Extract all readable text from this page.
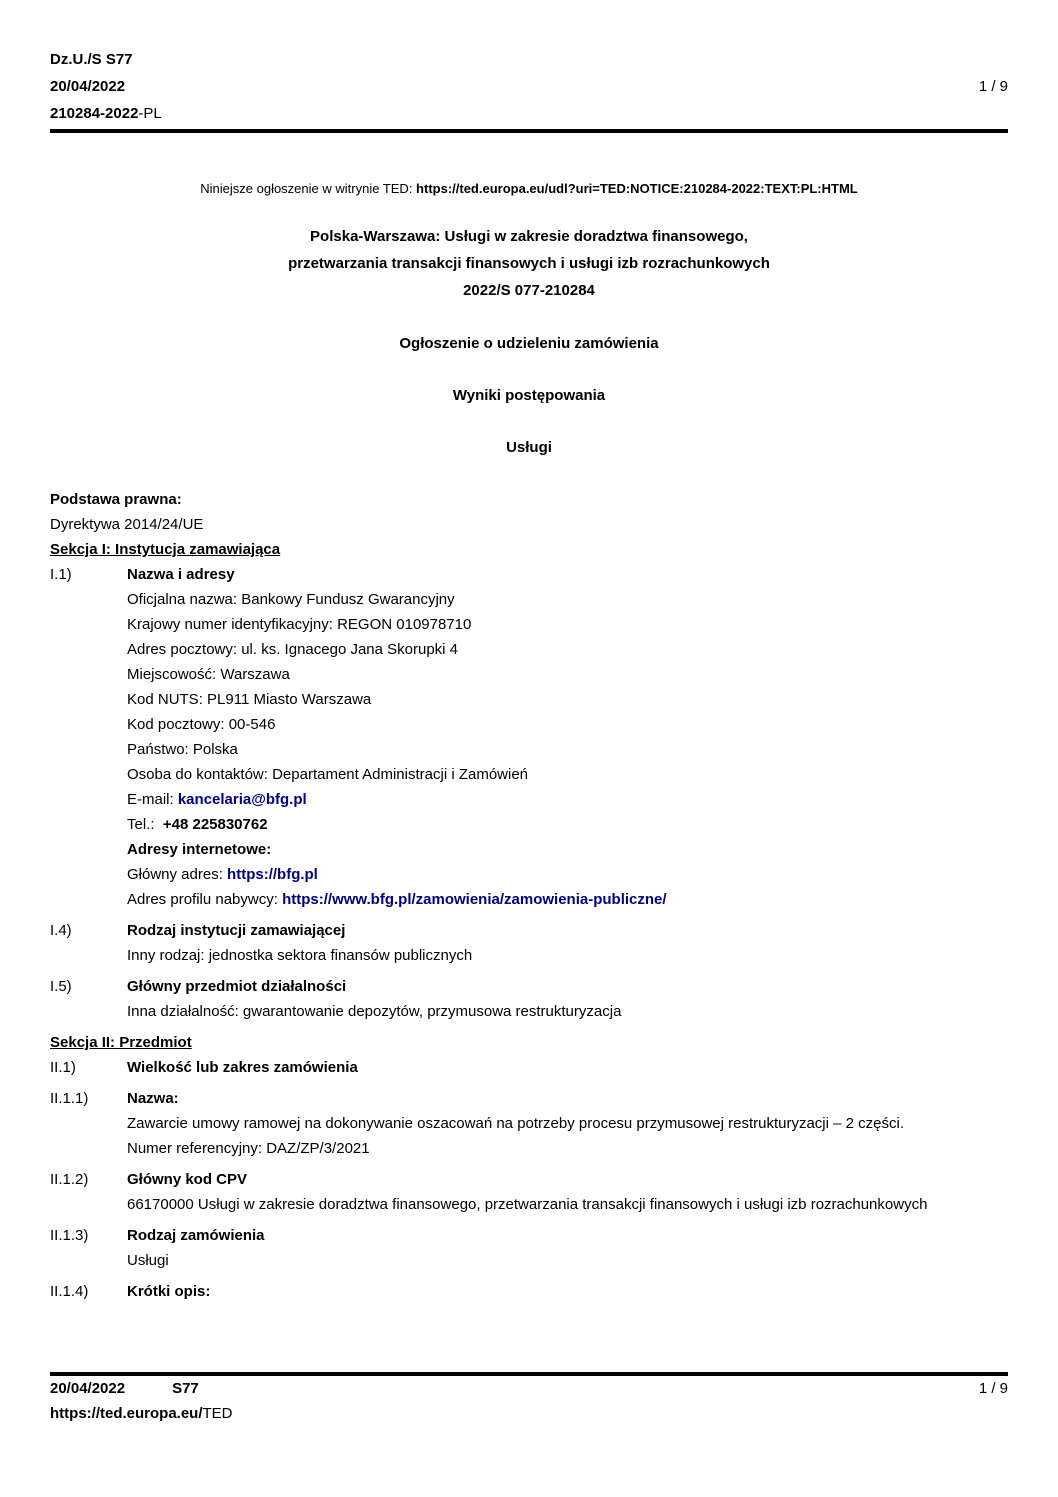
Dz.U./S S77
20/04/2022	1 / 9
210284-2022-PL
Niniejsze ogłoszenie w witrynie TED: https://ted.europa.eu/udl?uri=TED:NOTICE:210284-2022:TEXT:PL:HTML
Polska-Warszawa: Usługi w zakresie doradztwa finansowego,
przetwarzania transakcji finansowych i usługi izb rozrachunkowych
2022/S 077-210284
Ogłoszenie o udzieleniu zamówienia
Wyniki postępowania
Usługi
Podstawa prawna:
Dyrektywa 2014/24/UE
Sekcja I: Instytucja zamawiająca
I.1)	Nazwa i adresy
Oficjalna nazwa: Bankowy Fundusz Gwarancyjny
Krajowy numer identyfikacyjny: REGON 010978710
Adres pocztowy: ul. ks. Ignacego Jana Skorupki 4
Miejscowość: Warszawa
Kod NUTS: PL911 Miasto Warszawa
Kod pocztowy: 00-546
Państwo: Polska
Osoba do kontaktów: Departament Administracji i Zamówień
E-mail: kancelaria@bfg.pl
Tel.:  +48 225830762
Adresy internetowe:
Główny adres: https://bfg.pl
Adres profilu nabywcy: https://www.bfg.pl/zamowienia/zamowienia-publiczne/
I.4)	Rodzaj instytucji zamawiającej
Inny rodzaj: jednostka sektora finansów publicznych
I.5)	Główny przedmiot działalności
Inna działalność: gwarantowanie depozytów, przymusowa restrukturyzacja
Sekcja II: Przedmiot
II.1)	Wielkość lub zakres zamówienia
II.1.1)	Nazwa:
Zawarcie umowy ramowej na dokonywanie oszacowań na potrzeby procesu przymusowej restrukturyzacji – 2 części.
Numer referencyjny: DAZ/ZP/3/2021
II.1.2)	Główny kod CPV
66170000 Usługi w zakresie doradztwa finansowego, przetwarzania transakcji finansowych i usługi izb rozrachunkowych
II.1.3)	Rodzaj zamówienia
Usługi
II.1.4)	Krótki opis:
20/04/2022	S77	1 / 9
https://ted.europa.eu/TED
